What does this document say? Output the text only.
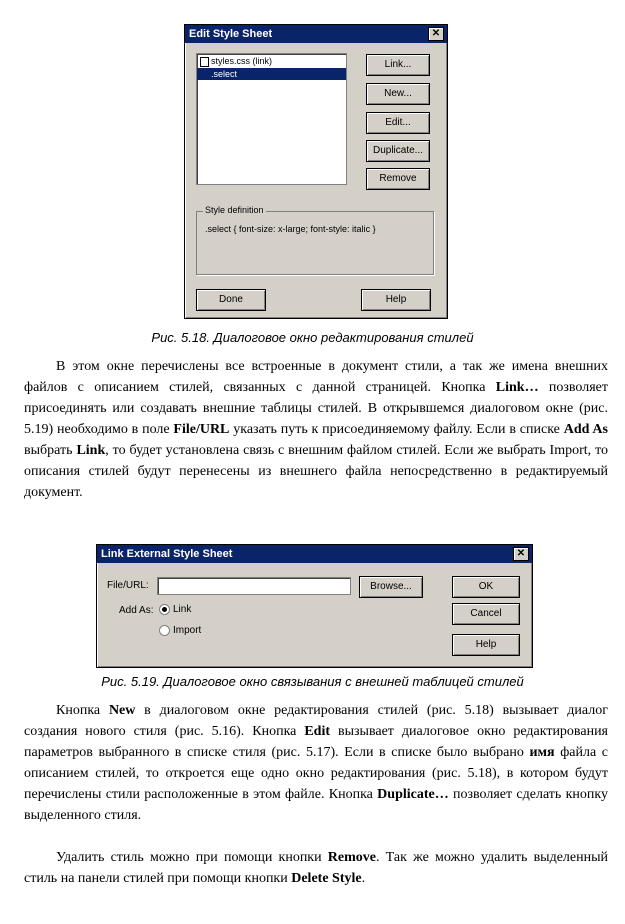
Edit Style Sheet	✕
styles.css (link)
.select
Link...
New...
Edit...
Duplicate...
Remove
Style definition
.select { font-size: x-large; font-style: italic }
Done	Help
Рис. 5.18. Диалоговое окно редактирования стилей
В этом окне перечислены все встроенные в документ стили, а так же имена внешних файлов с описанием стилей, связанных с данной страницей. Кнопка Link… позволяет присоединять или создавать внешние таблицы стилей. В открывшемся диалоговом окне (рис. 5.19) необходимо в поле File/URL указать путь к присоединяемому файлу. Если в списке Add As выбрать Link, то будет установлена связь с внешним файлом стилей. Если же выбрать Import, то описания стилей будут перенесены из внешнего файла непосредственно в редактируемый документ.
Link External Style Sheet	✕
File/URL:	Browse...
Add As:	Link
Import
OK
Cancel
Help
Рис. 5.19. Диалоговое окно связывания с внешней таблицей стилей
Кнопка New в диалоговом окне редактирования стилей (рис. 5.18) вызывает диалог создания нового стиля (рис. 5.16). Кнопка Edit вызывает диалоговое окно редактирования параметров выбранного в списке стиля (рис. 5.17). Если в списке было выбрано имя файла с описанием стилей, то откроется еще одно окно редактирования (рис. 5.18), в котором будут перечислены стили расположенные в этом файле. Кнопка Duplicate… позволяет сделать кнопку выделенного стиля.
Удалить стиль можно при помощи кнопки Remove. Так же можно удалить выделенный стиль на панели стилей при помощи кнопки Delete Style.
